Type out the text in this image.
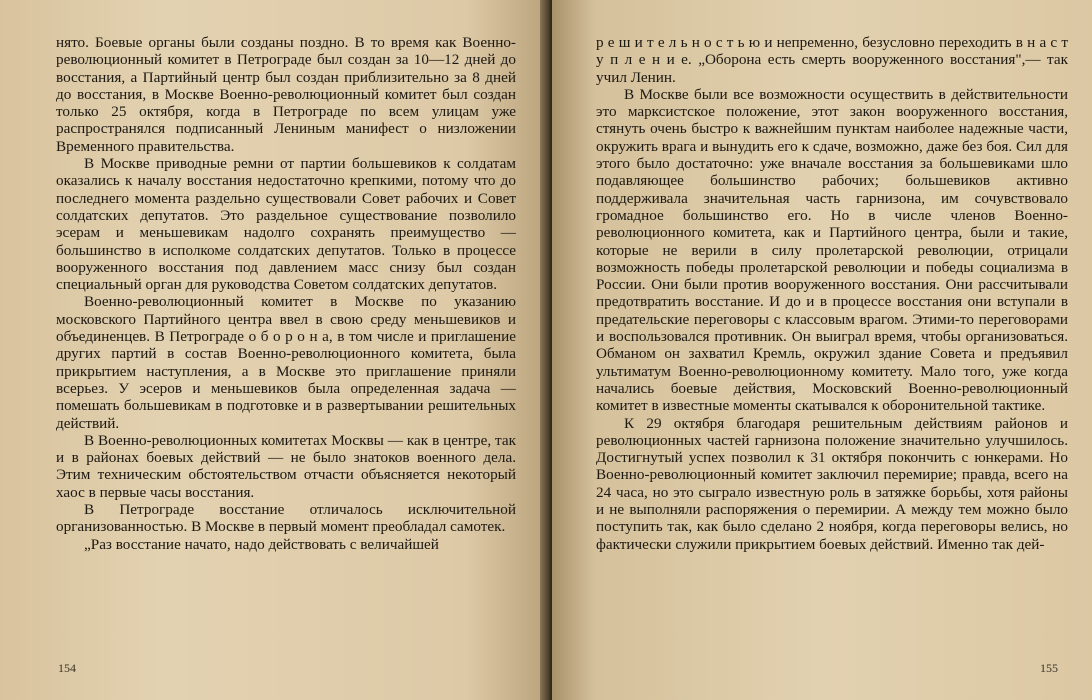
нято. Боевые органы были созданы поздно. В то время как Военно-революционный комитет в Петрограде был создан за 10—12 дней до восстания, а Партийный центр был создан приблизительно за 8 дней до восстания, в Москве Военно-революционный комитет был создан только 25 октября, когда в Петрограде по всем улицам уже распространялся подписанный Лениным манифест о низложении Временного правительства.

В Москве приводные ремни от партии большевиков к солдатам оказались к началу восстания недостаточно крепкими, потому что до последнего момента раздельно существовали Совет рабочих и Совет солдатских депутатов. Это раздельное существование позволило эсерам и меньшевикам надолго сохранять преимущество — большинство в исполкоме солдатских депутатов. Только в процессе вооруженного восстания под давлением масс снизу был создан специальный орган для руководства Советом солдатских депутатов.

Военно-революционный комитет в Москве по указанию московского Партийного центра ввел в свою среду меньшевиков и объединенцев. В Петрограде о б о р о н а, в том числе и приглашение других партий в состав Военно-революционного комитета, была прикрытием наступления, а в Москве это приглашение приняли всерьез. У эсеров и меньшевиков была определенная задача — помешать большевикам в подготовке и в развертывании решительных действий.

В Военно-революционных комитетах Москвы — как в центре, так и в районах боевых действий — не было знатоков военного дела. Этим техническим обстоятельством отчасти объясняется некоторый хаос в первые часы восстания.

В Петрограде восстание отличалось исключительной организованностью. В Москве в первый момент преобладал самотек.

„Раз восстание начато, надо действовать с величайшей

154

р е ш и т е л ь н о с т ь ю и непременно, безусловно переходить в н а с т у п л е н и е. „Оборона есть смерть вооруженного восстания",— так учил Ленин.

В Москве были все возможности осуществить в действительности это марксистское положение, этот закон вооруженного восстания, стянуть очень быстро к важнейшим пунктам наиболее надежные части, окружить врага и вынудить его к сдаче, возможно, даже без боя. Сил для этого было достаточно: уже вначале восстания за большевиками шло подавляющее большинство рабочих; большевиков активно поддерживала значительная часть гарнизона, им сочувствовало громадное большинство его. Но в числе членов Военно-революционного комитета, как и Партийного центра, были и такие, которые не верили в силу пролетарской революции, отрицали возможность победы пролетарской революции и победы социализма в России. Они были против вооруженного восстания. Они рассчитывали предотвратить восстание. И до и в процессе восстания они вступали в предательские переговоры с классовым врагом. Этими-то переговорами и воспользовался противник. Он выиграл время, чтобы организоваться. Обманом он захватил Кремль, окружил здание Совета и предъявил ультиматум Военно-революционному комитету. Мало того, уже когда начались боевые действия, Московский Военно-революционный комитет в известные моменты скатывался к оборонительной тактике.

К 29 октября благодаря решительным действиям районов и революционных частей гарнизона положение значительно улучшилось. Достигнутый успех позволил к 31 октября покончить с юнкерами. Но Военно-революционный комитет заключил перемирие; правда, всего на 24 часа, но это сыграло известную роль в затяжке борьбы, хотя районы и не выполняли распоряжения о перемирии. А между тем можно было поступить так, как было сделано 2 ноября, когда переговоры велись, но фактически служили прикрытием боевых действий. Именно так дей-

155
